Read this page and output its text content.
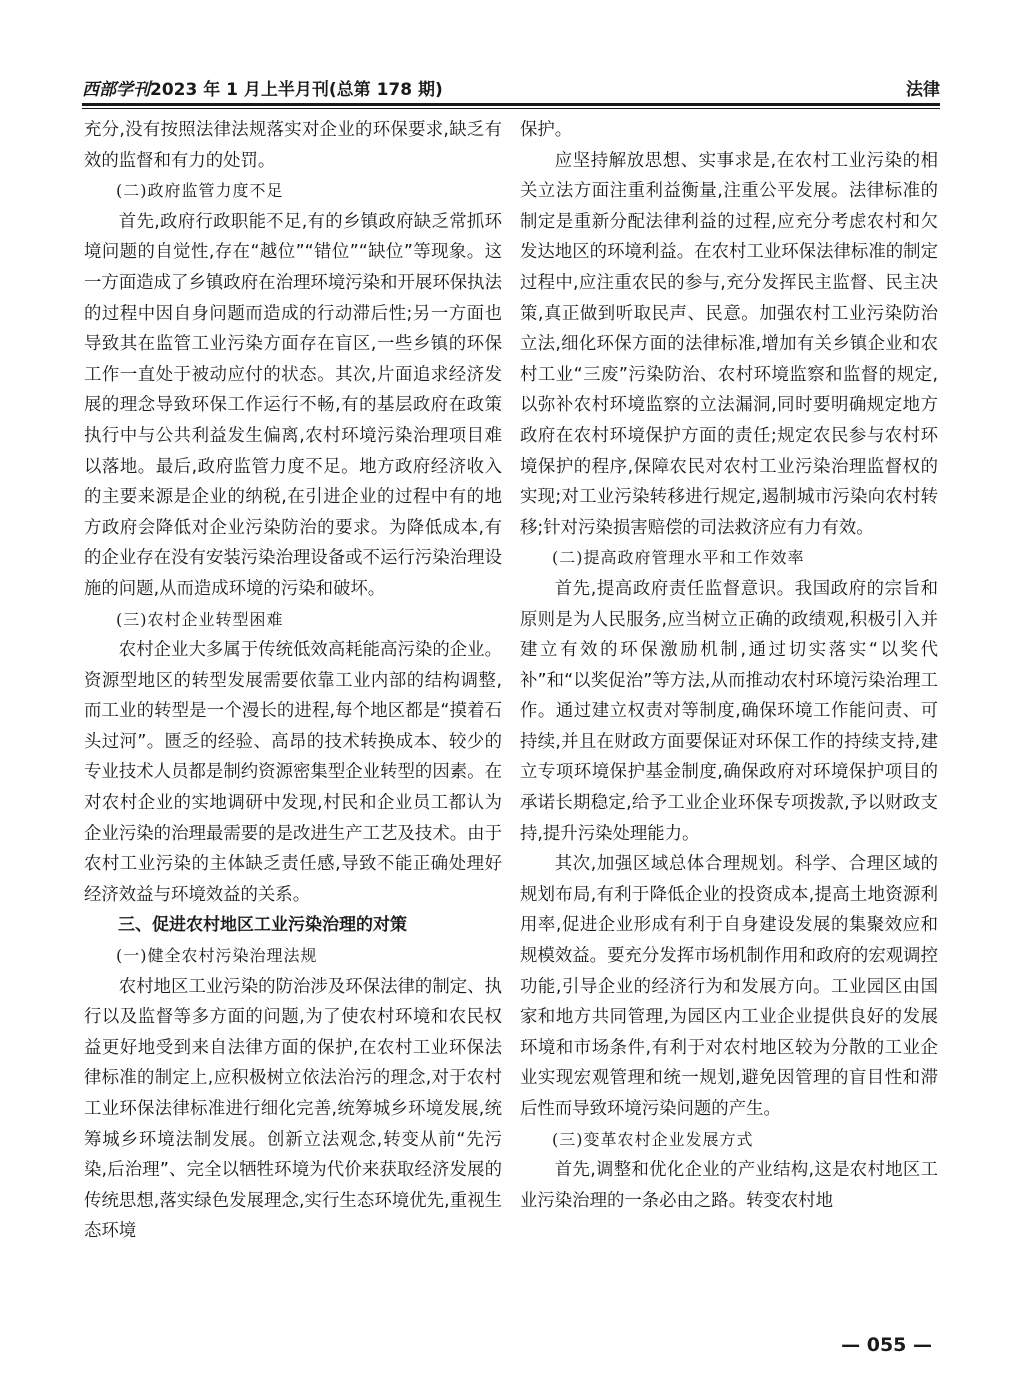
西部学刊 2023 年 1 月上半月刊(总第 178 期)	法律

充分,没有按照法律法规落实对企业的环保要求,缺乏有效的监督和有力的处罚。

(二)政府监管力度不足

首先,政府行政职能不足,有的乡镇政府缺乏常抓环境问题的自觉性,存在“越位”“错位”“缺位”等现象。这一方面造成了乡镇政府在治理环境污染和开展环保执法的过程中因自身问题而造成的行动滞后性;另一方面也导致其在监管工业污染方面存在盲区,一些乡镇的环保工作一直处于被动应付的状态。其次,片面追求经济发展的理念导致环保工作运行不畅,有的基层政府在政策执行中与公共利益发生偏离,农村环境污染治理项目难以落地。最后,政府监管力度不足。地方政府经济收入的主要来源是企业的纳税,在引进企业的过程中有的地方政府会降低对企业污染防治的要求。为降低成本,有的企业存在没有安装污染治理设备或不运行污染治理设施的问题,从而造成环境的污染和破坏。

(三)农村企业转型困难

农村企业大多属于传统低效高耗能高污染的企业。资源型地区的转型发展需要依靠工业内部的结构调整,而工业的转型是一个漫长的进程,每个地区都是“摸着石头过河”。匮乏的经验、高昂的技术转换成本、较少的专业技术人员都是制约资源密集型企业转型的因素。在对农村企业的实地调研中发现,村民和企业员工都认为企业污染的治理最需要的是改进生产工艺及技术。由于农村工业污染的主体缺乏责任感,导致不能正确处理好经济效益与环境效益的关系。

三、促进农村地区工业污染治理的对策

(一)健全农村污染治理法规

农村地区工业污染的防治涉及环保法律的制定、执行以及监督等多方面的问题,为了使农村环境和农民权益更好地受到来自法律方面的保护,在农村工业环保法律标准的制定上,应积极树立依法治污的理念,对于农村工业环保法律标准进行细化完善,统筹城乡环境发展,统筹城乡环境法制发展。创新立法观念,转变从前“先污染,后治理”、完全以牺牲环境为代价来获取经济发展的传统思想,落实绿色发展理念,实行生态环境优先,重视生态环境

保护。

应坚持解放思想、实事求是,在农村工业污染的相关立法方面注重利益衡量,注重公平发展。法律标准的制定是重新分配法律利益的过程,应充分考虑农村和欠发达地区的环境利益。在农村工业环保法律标准的制定过程中,应注重农民的参与,充分发挥民主监督、民主决策,真正做到听取民声、民意。加强农村工业污染防治立法,细化环保方面的法律标准,增加有关乡镇企业和农村工业“三废”污染防治、农村环境监察和监督的规定,以弥补农村环境监察的立法漏洞,同时要明确规定地方政府在农村环境保护方面的责任;规定农民参与农村环境保护的程序,保障农民对农村工业污染治理监督权的实现;对工业污染转移进行规定,遏制城市污染向农村转移;针对污染损害赔偿的司法救济应有力有效。

(二)提高政府管理水平和工作效率

首先,提高政府责任监督意识。我国政府的宗旨和原则是为人民服务,应当树立正确的政绩观,积极引入并建立有效的环保激励机制,通过切实落实“以奖代补”和“以奖促治”等方法,从而推动农村环境污染治理工作。通过建立权责对等制度,确保环境工作能问责、可持续,并且在财政方面要保证对环保工作的持续支持,建立专项环境保护基金制度,确保政府对环境保护项目的承诺长期稳定,给予工业企业环保专项拨款,予以财政支持,提升污染处理能力。

其次,加强区域总体合理规划。科学、合理区域的规划布局,有利于降低企业的投资成本,提高土地资源利用率,促进企业形成有利于自身建设发展的集聚效应和规模效益。要充分发挥市场机制作用和政府的宏观调控功能,引导企业的经济行为和发展方向。工业园区由国家和地方共同管理,为园区内工业企业提供良好的发展环境和市场条件,有利于对农村地区较为分散的工业企业实现宏观管理和统一规划,避免因管理的盲目性和滞后性而导致环境污染问题的产生。

(三)变革农村企业发展方式

首先,调整和优化企业的产业结构,这是农村地区工业污染治理的一条必由之路。转变农村地

— 055 —
